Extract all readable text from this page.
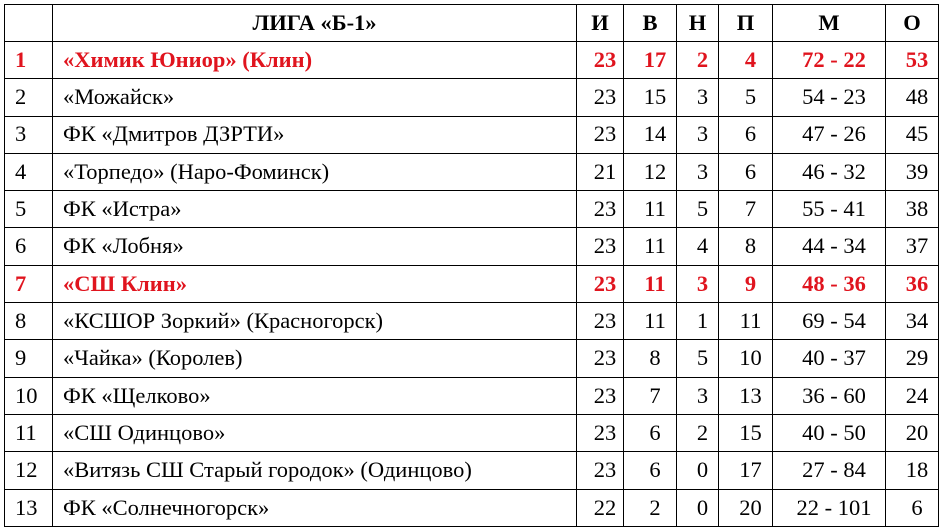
	ЛИГА «Б-1»	И	В	Н	П	М	О
1	«Химик Юниор» (Клин)	23	17	2	4	72 - 22	53
2	«Можайск»	23	15	3	5	54 - 23	48
3	ФК «Дмитров ДЗРТИ»	23	14	3	6	47 - 26	45
4	«Торпедо» (Наро-Фоминск)	21	12	3	6	46 - 32	39
5	ФК «Истра»	23	11	5	7	55 - 41	38
6	ФК «Лобня»	23	11	4	8	44 - 34	37
7	«СШ Клин»	23	11	3	9	48 - 36	36
8	«КСШОР Зоркий» (Красногорск)	23	11	1	11	69 - 54	34
9	«Чайка» (Королев)	23	8	5	10	40 - 37	29
10	ФК «Щелково»	23	7	3	13	36 - 60	24
11	«СШ Одинцово»	23	6	2	15	40 - 50	20
12	«Витязь СШ Старый городок» (Одинцово)	23	6	0	17	27 - 84	18
13	ФК «Солнечногорск»	22	2	0	20	22 - 101	6
